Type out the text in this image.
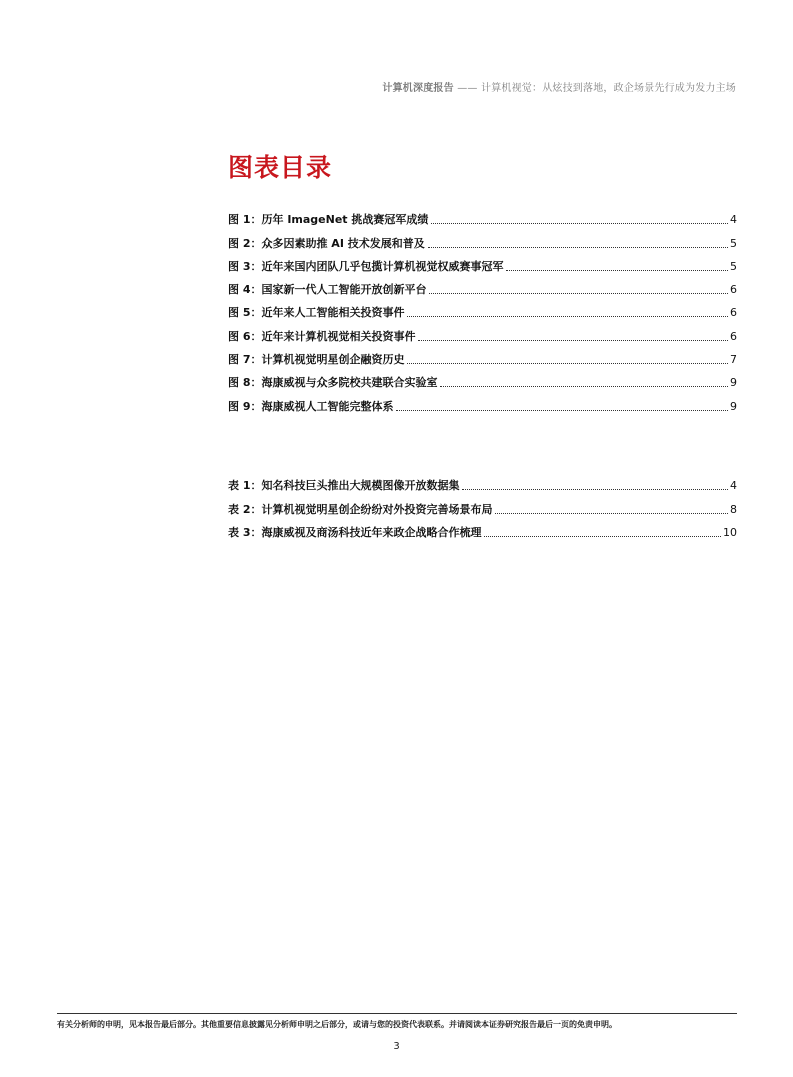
计算机深度报告 —— 计算机视觉：从炫技到落地，政企场景先行成为发力主场
图表目录
图 1：历年 ImageNet 挑战赛冠军成绩	4
图 2：众多因素助推 AI 技术发展和普及	5
图 3：近年来国内团队几乎包揽计算机视觉权威赛事冠军	5
图 4：国家新一代人工智能开放创新平台	6
图 5：近年来人工智能相关投资事件	6
图 6：近年来计算机视觉相关投资事件	6
图 7：计算机视觉明星创企融资历史	7
图 8：海康威视与众多院校共建联合实验室	9
图 9：海康威视人工智能完整体系	9
表 1：知名科技巨头推出大规模图像开放数据集	4
表 2：计算机视觉明星创企纷纷对外投资完善场景布局	8
表 3：海康威视及商汤科技近年来政企战略合作梳理	10
有关分析师的申明，见本报告最后部分。其他重要信息披露见分析师申明之后部分，或请与您的投资代表联系。并请阅读本证券研究报告最后一页的免责申明。
3
